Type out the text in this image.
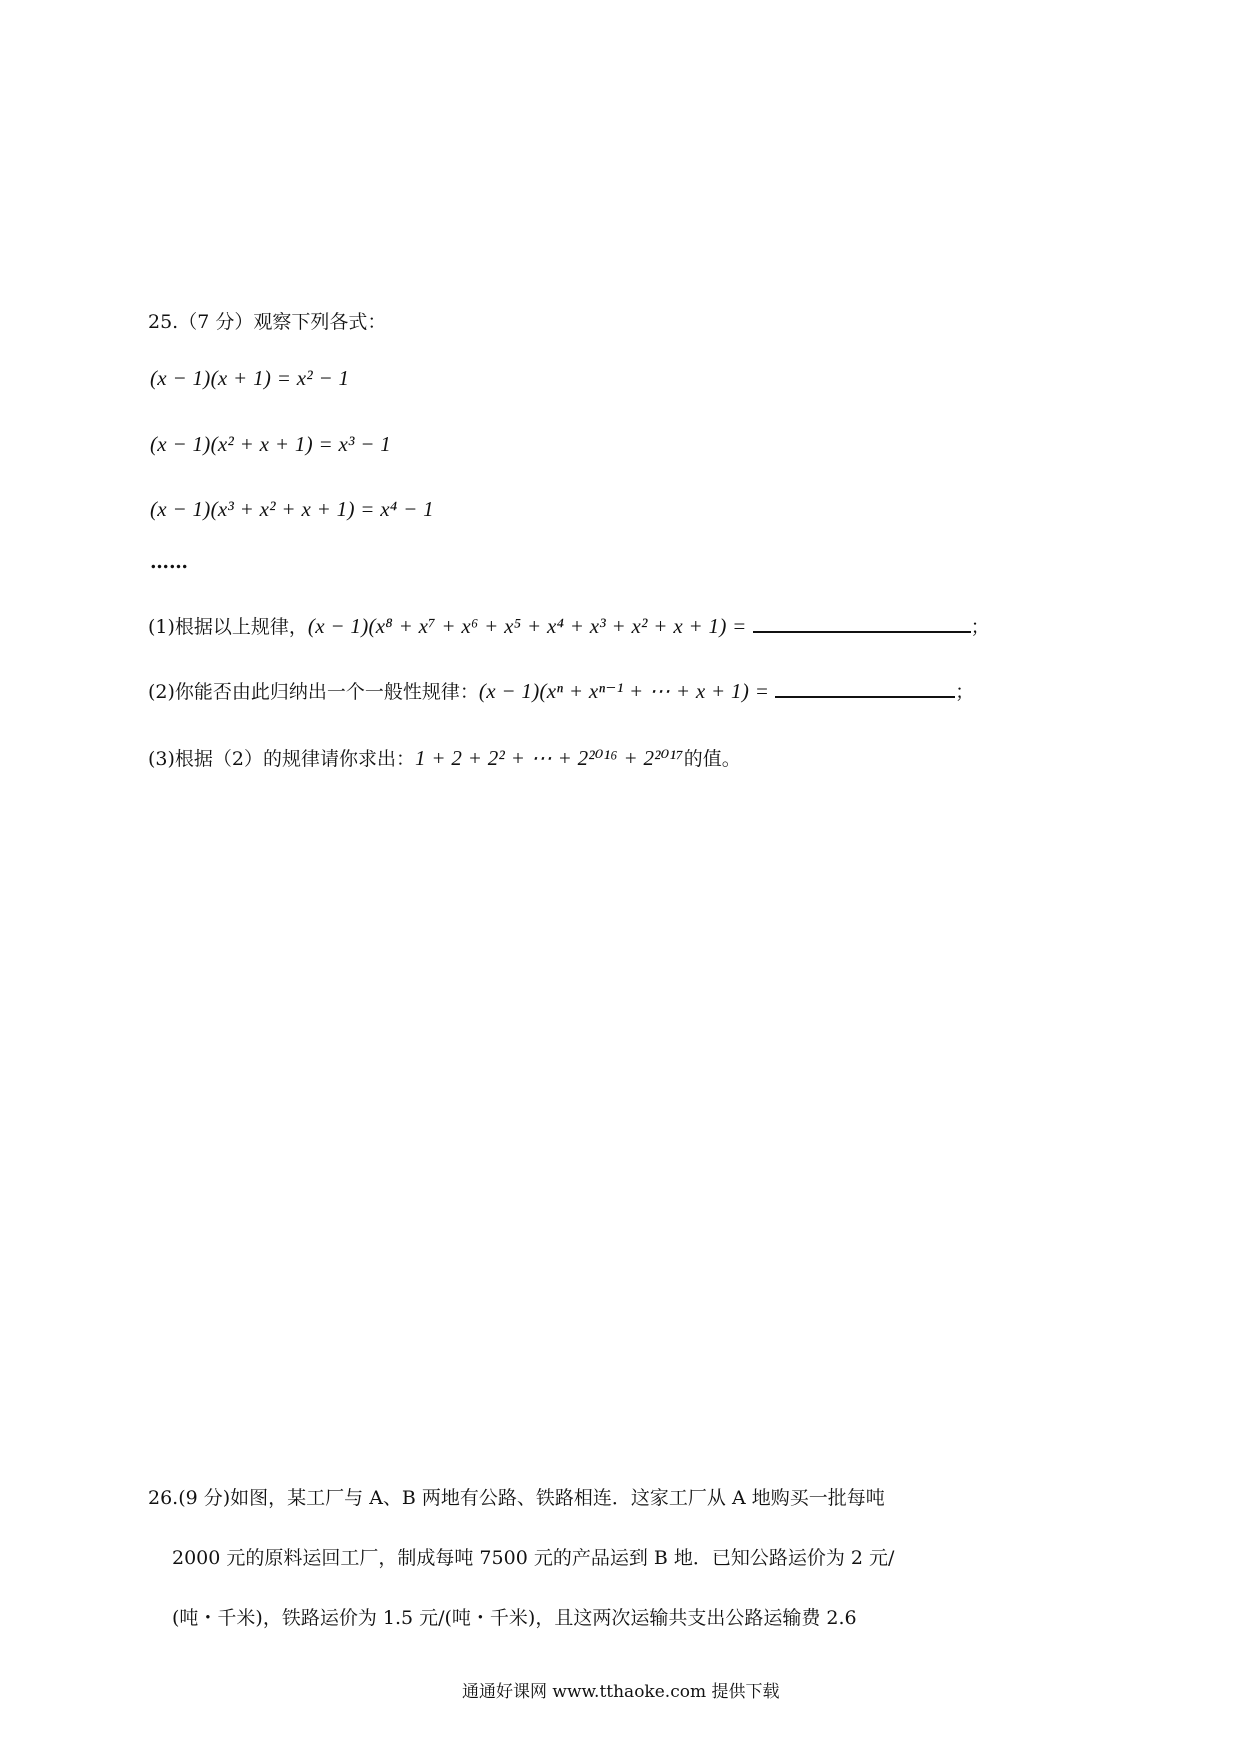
25.（7 分）观察下列各式：
(x − 1)(x + 1) = x² − 1
(x − 1)(x² + x + 1) = x³ − 1
(x − 1)(x³ + x² + x + 1) = x⁴ − 1
……
(1)根据以上规律，(x − 1)(x⁸ + x⁷ + x⁶ + x⁵ + x⁴ + x³ + x² + x + 1) =	；
(2)你能否由此归纳出一个一般性规律：(x − 1)(xⁿ + xⁿ⁻¹ + ⋯ + x + 1) =	；
(3)根据（2）的规律请你求出：1 + 2 + 2² + ⋯ + 2²⁰¹⁶ + 2²⁰¹⁷的值。
26.(9 分)如图，某工厂与 A、B 两地有公路、铁路相连．这家工厂从 A 地购买一批每吨
2000 元的原料运回工厂，制成每吨 7500 元的产品运到 B 地．已知公路运价为 2 元/
(吨・千米)，铁路运价为 1.5 元/(吨・千米)，且这两次运输共支出公路运输费 2.6
通通好课网 www.tthaoke.com 提供下载
